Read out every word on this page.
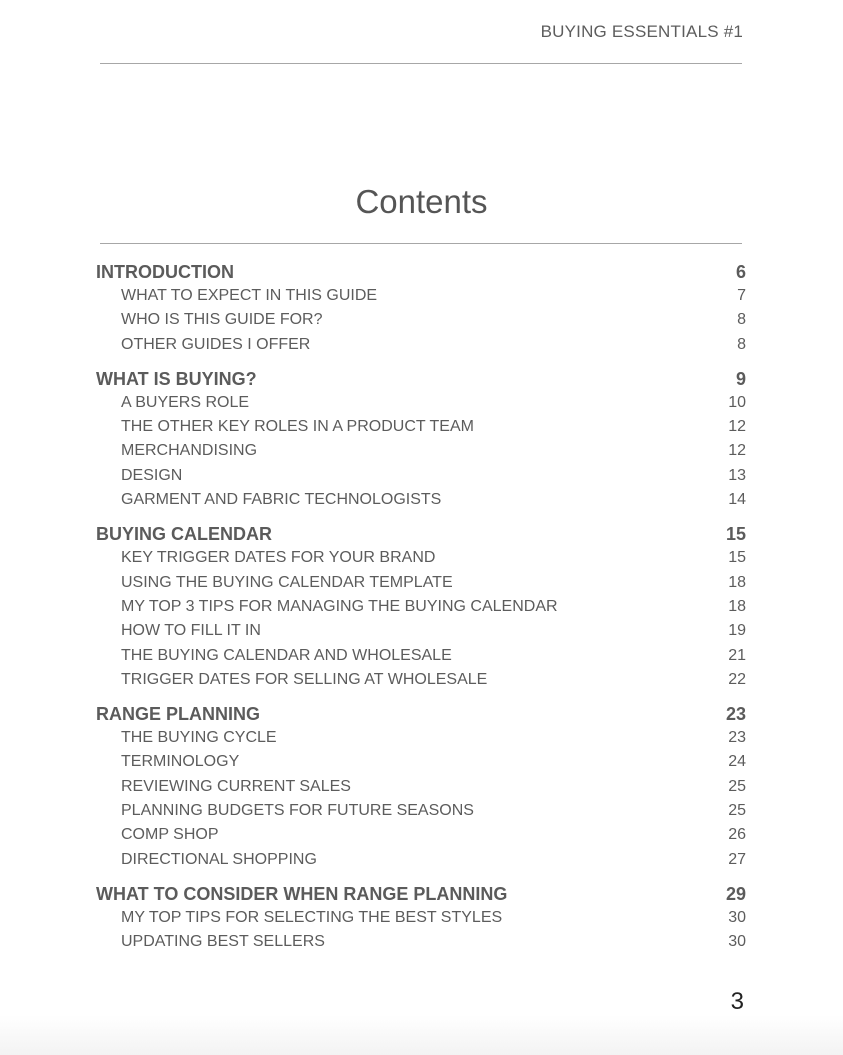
BUYING ESSENTIALS #1
Contents
INTRODUCTION	6
WHAT TO EXPECT IN THIS GUIDE	7
WHO IS THIS GUIDE FOR?	8
OTHER GUIDES I OFFER	8
WHAT IS BUYING?	9
A BUYERS ROLE	10
THE OTHER KEY ROLES IN A PRODUCT TEAM	12
MERCHANDISING	12
DESIGN	13
GARMENT AND FABRIC TECHNOLOGISTS	14
BUYING CALENDAR	15
KEY TRIGGER DATES FOR YOUR BRAND	15
USING THE BUYING CALENDAR TEMPLATE	18
MY TOP 3 TIPS FOR MANAGING THE BUYING CALENDAR	18
HOW TO FILL IT IN	19
THE BUYING CALENDAR AND WHOLESALE	21
TRIGGER DATES FOR SELLING AT WHOLESALE	22
RANGE PLANNING	23
THE BUYING CYCLE	23
TERMINOLOGY	24
REVIEWING CURRENT SALES	25
PLANNING BUDGETS FOR FUTURE SEASONS	25
COMP SHOP	26
DIRECTIONAL SHOPPING	27
WHAT TO CONSIDER WHEN RANGE PLANNING	29
MY TOP TIPS FOR SELECTING THE BEST STYLES	30
UPDATING BEST SELLERS	30
3
